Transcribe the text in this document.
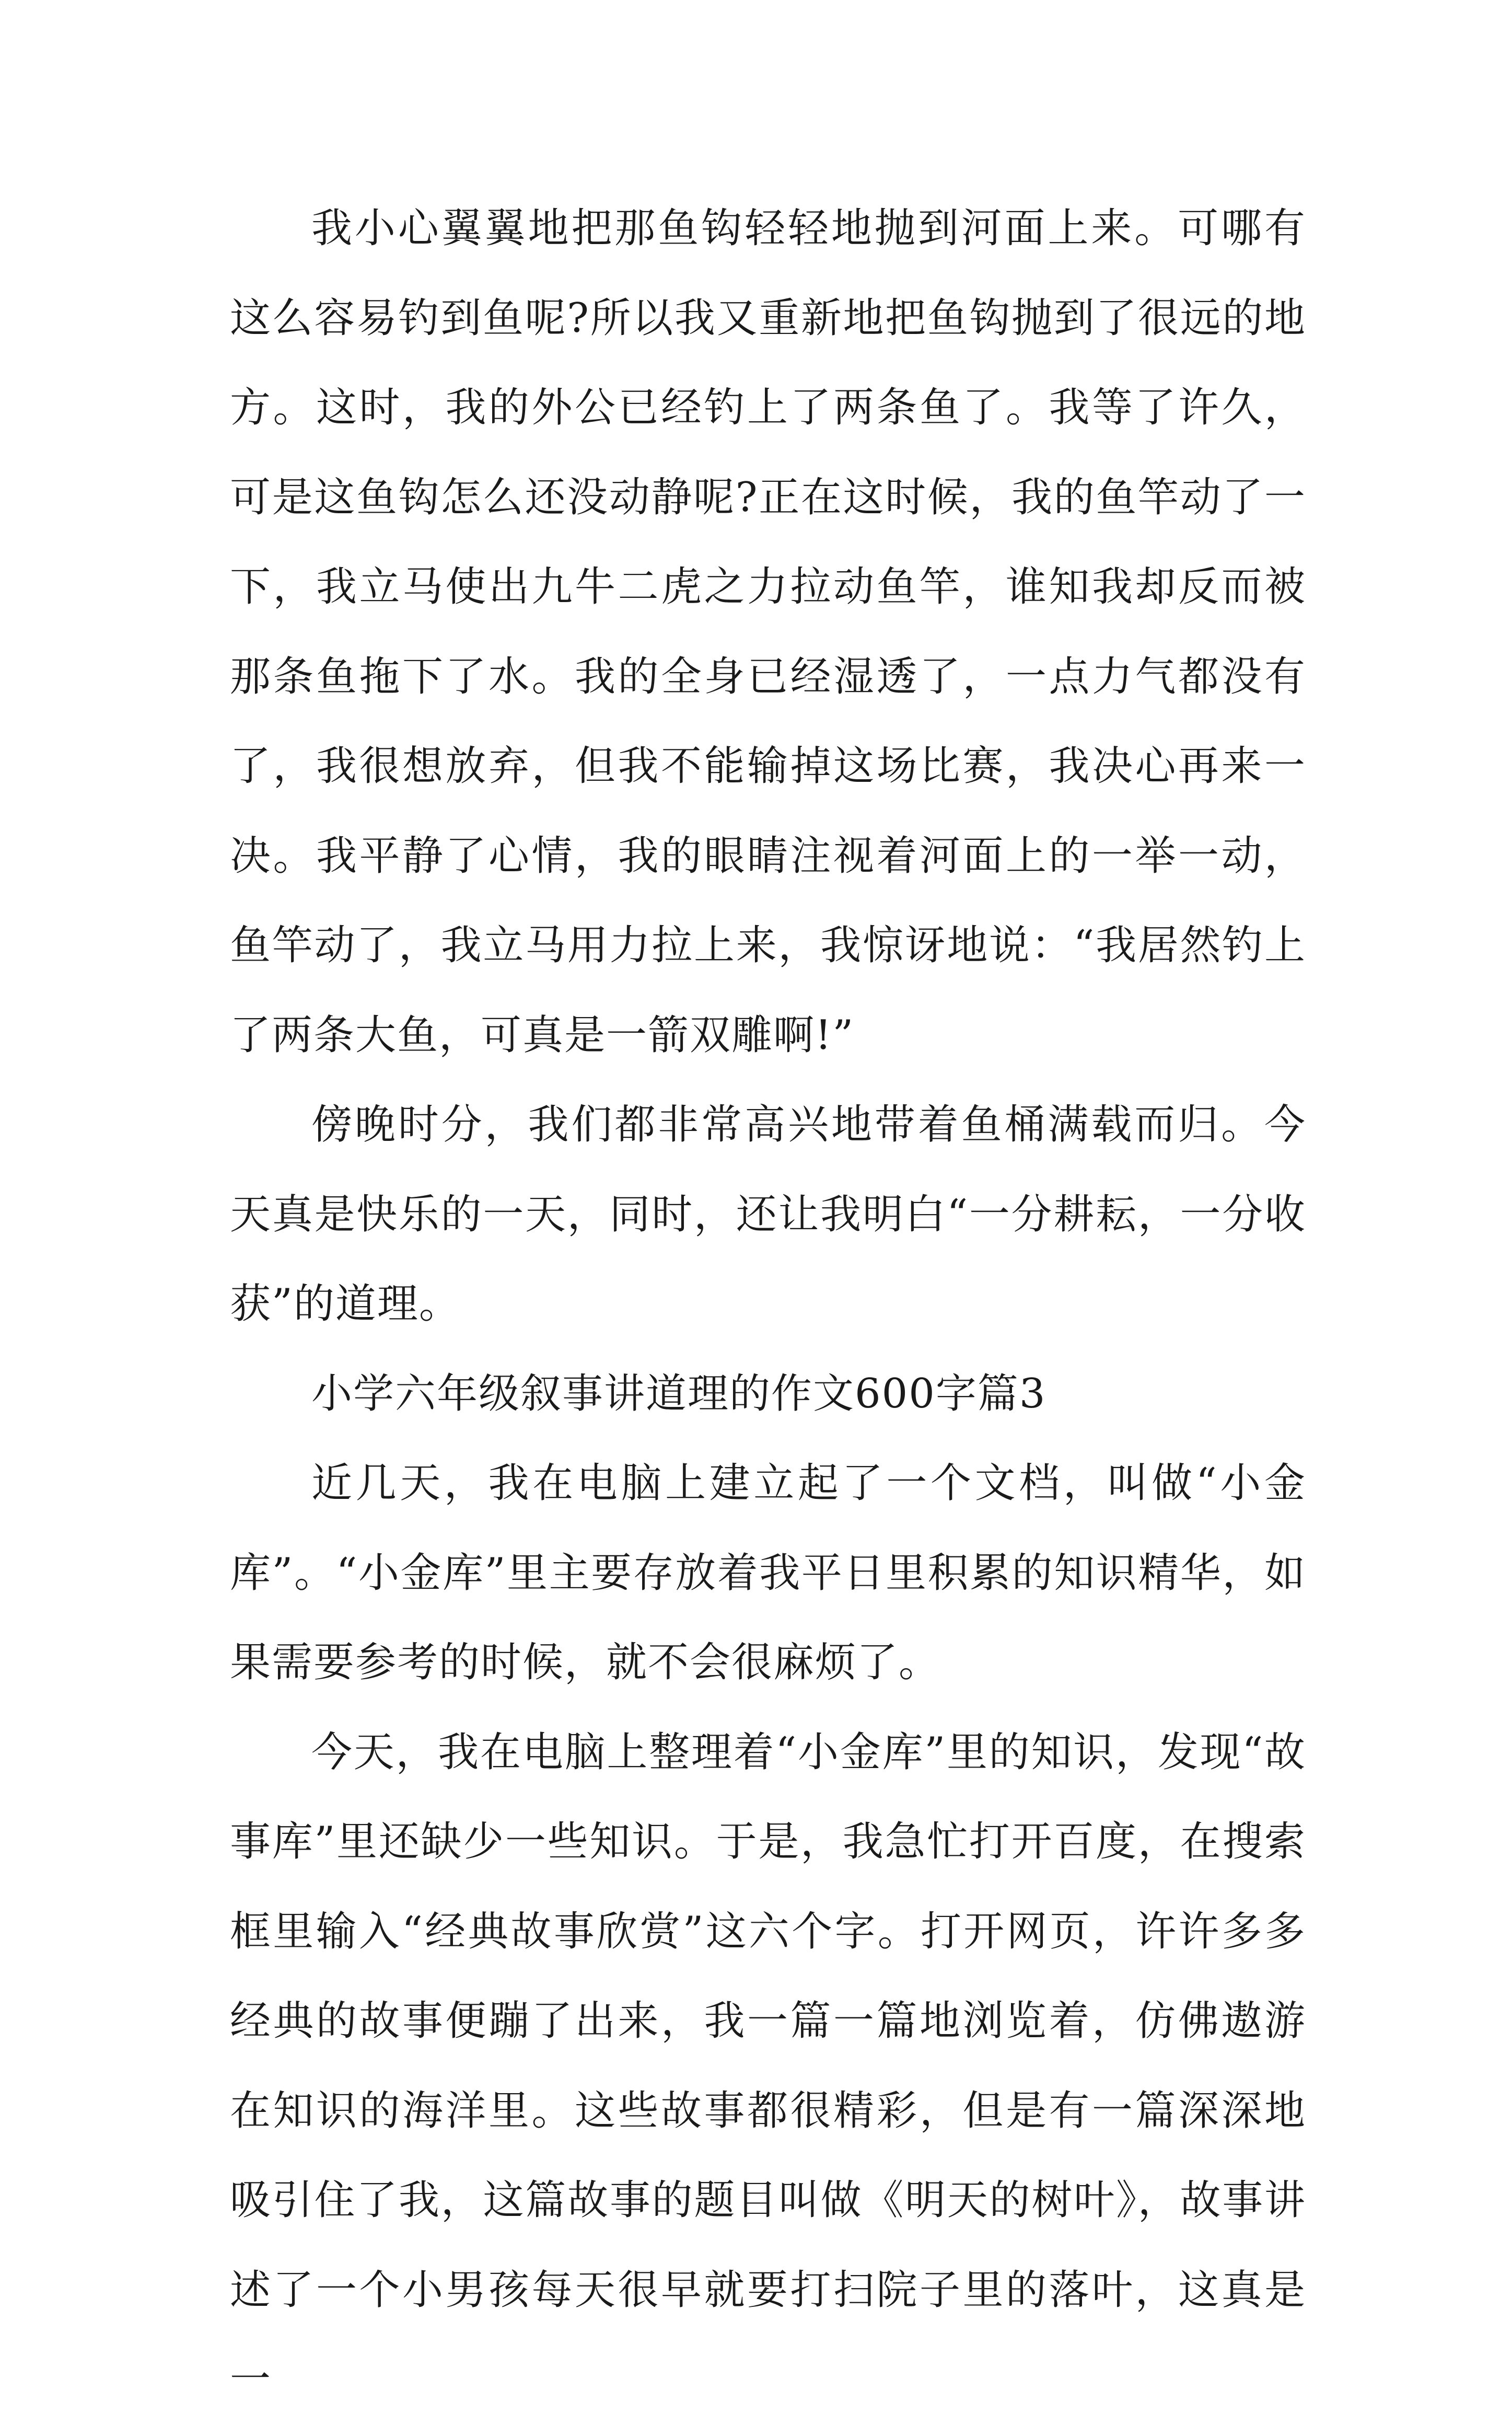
我小心翼翼地把那鱼钩轻轻地抛到河面上来。可哪有这么容易钓到鱼呢?所以我又重新地把鱼钩抛到了很远的地方。这时，我的外公已经钓上了两条鱼了。我等了许久，可是这鱼钩怎么还没动静呢?正在这时候，我的鱼竿动了一下，我立马使出九牛二虎之力拉动鱼竿，谁知我却反而被那条鱼拖下了水。我的全身已经湿透了，一点力气都没有了，我很想放弃，但我不能输掉这场比赛，我决心再来一决。我平静了心情，我的眼睛注视着河面上的一举一动，鱼竿动了，我立马用力拉上来，我惊讶地说：“我居然钓上了两条大鱼，可真是一箭双雕啊!”

傍晚时分，我们都非常高兴地带着鱼桶满载而归。今天真是快乐的一天，同时，还让我明白“一分耕耘，一分收获”的道理。

小学六年级叙事讲道理的作文600字篇3

近几天，我在电脑上建立起了一个文档，叫做“小金库”。“小金库”里主要存放着我平日里积累的知识精华，如果需要参考的时候，就不会很麻烦了。

今天，我在电脑上整理着“小金库”里的知识，发现“故事库”里还缺少一些知识。于是，我急忙打开百度，在搜索框里输入“经典故事欣赏”这六个字。打开网页，许许多多经典的故事便蹦了出来，我一篇一篇地浏览着，仿佛遨游在知识的海洋里。这些故事都很精彩，但是有一篇深深地吸引住了我，这篇故事的题目叫做《明天的树叶》，故事讲述了一个小男孩每天很早就要打扫院子里的落叶，这真是一
